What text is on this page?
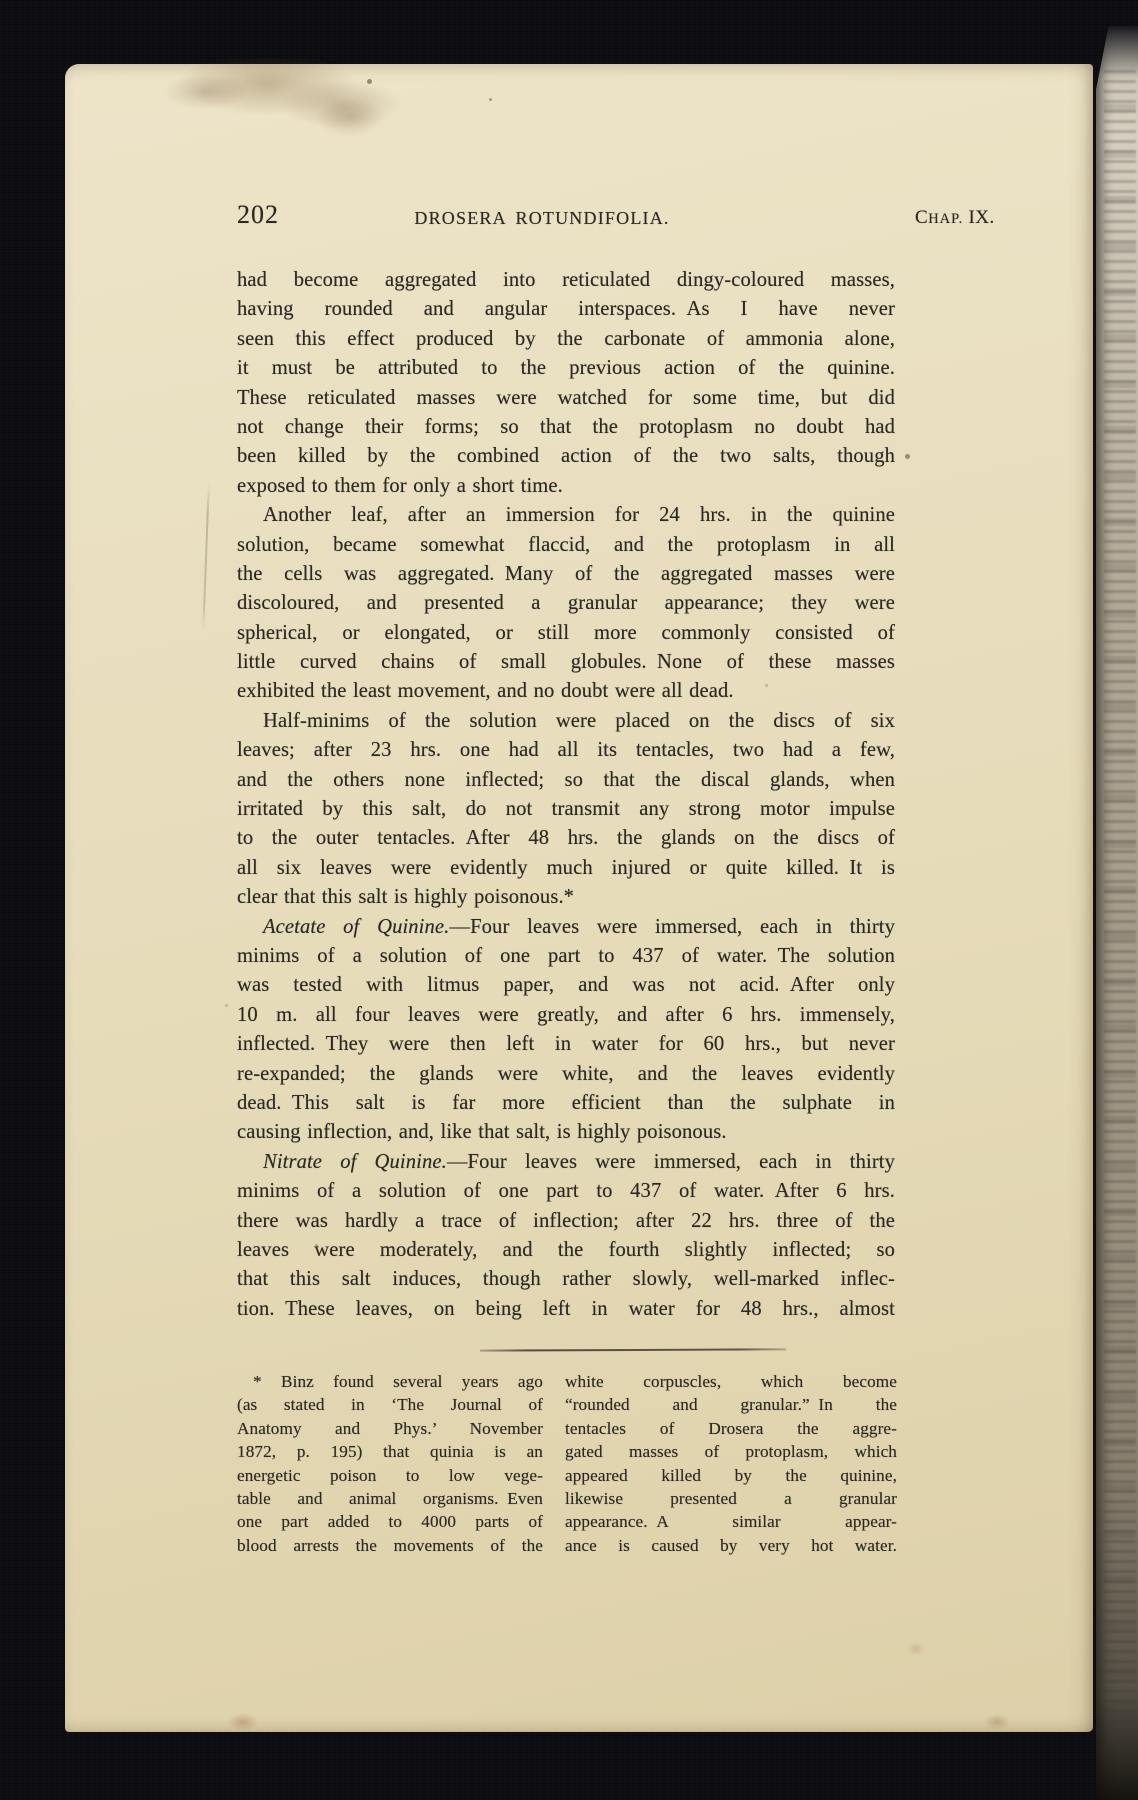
202	DROSERA ROTUNDIFOLIA.	CHAP. IX.
had become aggregated into reticulated dingy-coloured masses,
having rounded and angular interspaces. As I have never
seen this effect produced by the carbonate of ammonia alone,
it must be attributed to the previous action of the quinine.
These reticulated masses were watched for some time, but did
not change their forms; so that the protoplasm no doubt had
been killed by the combined action of the two salts, though
exposed to them for only a short time.
Another leaf, after an immersion for 24 hrs. in the quinine
solution, became somewhat flaccid, and the protoplasm in all
the cells was aggregated. Many of the aggregated masses were
discoloured, and presented a granular appearance; they were
spherical, or elongated, or still more commonly consisted of
little curved chains of small globules. None of these masses
exhibited the least movement, and no doubt were all dead.
Half-minims of the solution were placed on the discs of six
leaves; after 23 hrs. one had all its tentacles, two had a few,
and the others none inflected; so that the discal glands, when
irritated by this salt, do not transmit any strong motor impulse
to the outer tentacles. After 48 hrs. the glands on the discs of
all six leaves were evidently much injured or quite killed. It is
clear that this salt is highly poisonous.*
Acetate of Quinine.—Four leaves were immersed, each in thirty
minims of a solution of one part to 437 of water. The solution
was tested with litmus paper, and was not acid. After only
10 m. all four leaves were greatly, and after 6 hrs. immensely,
inflected. They were then left in water for 60 hrs., but never
re-expanded; the glands were white, and the leaves evidently
dead. This salt is far more efficient than the sulphate in
causing inflection, and, like that salt, is highly poisonous.
Nitrate of Quinine.—Four leaves were immersed, each in thirty
minims of a solution of one part to 437 of water. After 6 hrs.
there was hardly a trace of inflection; after 22 hrs. three of the
leaves were moderately, and the fourth slightly inflected; so
that this salt induces, though rather slowly, well-marked inflec-
tion. These leaves, on being left in water for 48 hrs., almost
* Binz found several years ago
(as stated in ‘The Journal of
Anatomy and Phys.’ November
1872, p. 195) that quinia is an
energetic poison to low vege-
table and animal organisms. Even
one part added to 4000 parts of
blood arrests the movements of the
white corpuscles, which become
“rounded and granular.” In the
tentacles of Drosera the aggre-
gated masses of protoplasm, which
appeared killed by the quinine,
likewise presented a granular
appearance. A similar appear-
ance is caused by very hot water.
